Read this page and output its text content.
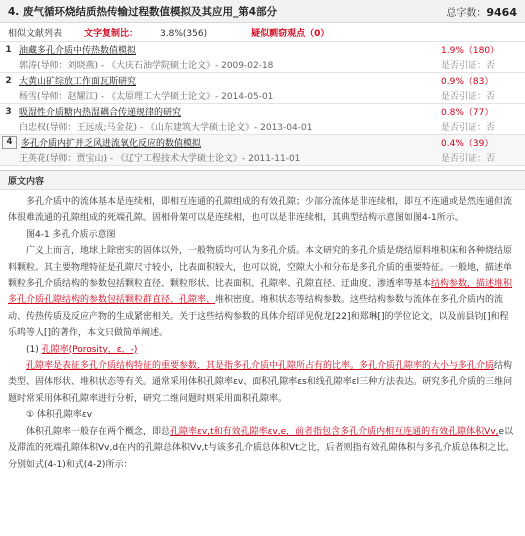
4. 废气循环烧结质热传输过程数值模拟及其应用_第4部分	总字数：9464
相似文献列表 文字复制比： 3.8%(356)	疑似剽窃观点（0）
1 油藏多孔介质中传热数值模拟	1.9%（180）
郭涛(导师：刘晓燕) - 《大庆石油学院硕士论文》- 2009-02-18	是否引证：否
2 大黄山矿综放工作面瓦斯研究	0.9%（83）
杨雪(导师：赵耀江) - 《太原理工大学硕士论文》- 2014-05-01	是否引证：否
3 吸湿性介质糖内热湿耦合传递规律的研究	0.8%（77）
白忠权(导师：王远成;马金花) - 《山东建筑大学硕士论文》- 2013-04-01	是否引证：否
4 多孔介质内扩并乏风进流氧化反应的数值模拟	0.4%（39）
王英花(导师：贾宝山) - 《辽宁工程技术大学硕士论文》- 2011-11-01	是否引证：否
原文内容

多孔介质中的流体基本是连续相，即相互连通的孔隙组成的有效孔隙；少部分流体是非连续相，即互不连通或是然连通但流体很难流通的孔隙组成的死端孔隙。固相骨架可以是连续相，也可以是非连续相，其典型结构示意图如图4-1所示。

图4-1 多孔介质示意图

广义上而言，地球上除密实的固体以外，一般物质均可认为多孔介质。本文研究的多孔介质是烧结原料堆积床和各种烧结原料颗粒。其主要物理特征是孔隙尺寸较小，比表面积较大，也可以说，空隙大小和分布是多孔介质的重要特征。一般地，描述单颗粒多孔介质结构的参数包括颗粒直径、颗粒形状、比表面积、孔隙率、孔隙直径、迂曲度、渗透率等基本结构参数，描述堆积多孔介质孔隙结构的参数包括颗粒群直径、孔隙率、堆积密度、堆积状态等结构参数。这些结构参数与流体在多孔介质内的流动、传热传质及反应产物的生成紧密相关。关于这些结构参数的具体介绍详见倪龙[22]和郑琳[]的学位论文，以及前县钧[]和程乐鸣等人[]的著作，本文只做简单阐述。

(1) 孔隙率(Porosity，ε，-)

孔隙率是表征多孔介质结构特征的重要参数，其是指多孔介质中孔隙所占有的比率。多孔介质孔隙率的大小与多孔介质结构类型、固体形状、堆积状态等有关。通常采用体积孔隙率εv、面积孔隙率εs和线孔隙率εl三种方法表达。研究多孔介质的三维问题时常采用体积孔隙率进行分析，研究二维问题时则采用面积孔隙率。

① 体积孔隙率εv

体积孔隙率一般存在两个概念，即总孔隙率εv,t和有效孔隙率εv,e，前者指包含多孔介质内相互连通的有效孔隙体积Vv,e以及滞流的死端孔隙体积Vv,d在内的孔隙总体积Vv,t与该多孔介质总体积Vt之比，后者则指有效孔隙体积与多孔介质总体积之比，分别如式(4-1)和式(4-2)所示：
